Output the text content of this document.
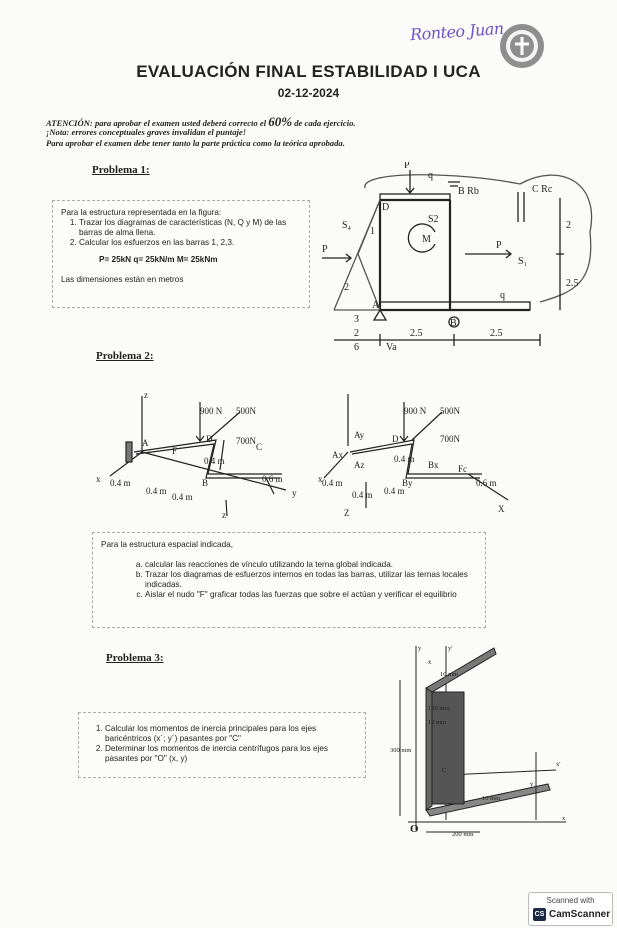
Ronteo Juan
EVALUACIÓN FINAL ESTABILIDAD I UCA
02-12-2024
ATENCIÓN: para aprobar el examen usted deberá correcto el 60% de cada ejercicio.
¡Nota: errores conceptuales graves invalidan el puntaje!
Para aprobar el examen debe tener tanto la parte práctica como la teórica aprobada.
Problema 1:
Para la estructura representada en la figura:
1. Trazar los diagramas de características (N, Q y M) de las barras de alma llena.
2. Calcular los esfuerzos en las barras 1, 2,3.
P= 25kN q= 25kN/m M= 25kNm
Las dimensiones están en metros
q
q
P
P	P
M
S₁
S2
S₄
B Rb	C Rc
1
2
3
A
B
D
2	2.5	2.5
2
2.5
6	Va
Problema 2:
900 N 500N
700N
0.4 m
0.6 m
0.4 m
0.4 m
0.4 m
F
D
C
B
A
x
z
y
z
900 N 500N
700N
0.4 m
0.6 m
0.4 m
0.4 m 0.4 m
Ay
Ax
Az	Bx
By
Fc
D
x
Z	X
Para la estructura espacial indicada,
a. calcular las reacciones de vínculo utilizando la terna global indicada.
b. Trazar los diagramas de esfuerzos internos en todas las barras, utilizar las ternas locales indicadas.
c. Aislar el nudo "F" graficar todas las fuerzas que sobre el actúan y verificar el equilibrio
Problema 3:
1. Calcular los momentos de inercia principales para los ejes baricéntricos (x´; y´) pasantes por "C"
2. Determinar los momentos de inercia centrífugos para los ejes pasantes por "O" (x, y)
10 mm
100 mm
10 mm
300 mm
10 mm
200 mm
C
y	y'
x
x'
x̄
ȳ
O
Scanned with
CS CamScanner
